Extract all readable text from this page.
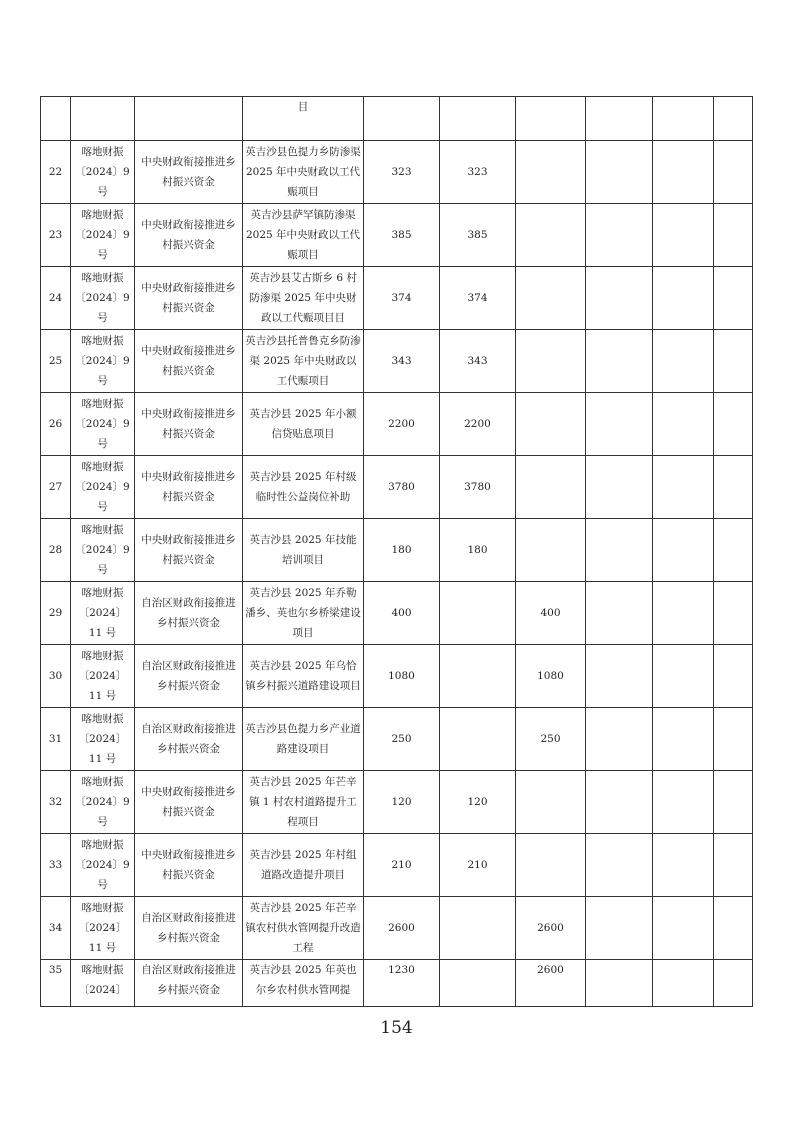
			目						
22	喀地财振〔2024〕9号	中央财政衔接推进乡村振兴资金	英吉沙县色提力乡防渗渠 2025 年中央财政以工代赈项目	323	323				
23	喀地财振〔2024〕9号	中央财政衔接推进乡村振兴资金	英吉沙县萨罕镇防渗渠 2025 年中央财政以工代赈项目	385	385				
24	喀地财振〔2024〕9号	中央财政衔接推进乡村振兴资金	英吉沙县艾古斯乡 6 村防渗渠 2025 年中央财政以工代赈项目目	374	374				
25	喀地财振〔2024〕9号	中央财政衔接推进乡村振兴资金	英吉沙县托普鲁克乡防渗渠 2025 年中央财政以工代赈项目	343	343				
26	喀地财振〔2024〕9号	中央财政衔接推进乡村振兴资金	英吉沙县 2025 年小额信贷贴息项目	2200	2200				
27	喀地财振〔2024〕9号	中央财政衔接推进乡村振兴资金	英吉沙县 2025 年村级临时性公益岗位补助	3780	3780				
28	喀地财振〔2024〕9号	中央财政衔接推进乡村振兴资金	英吉沙县 2025 年技能培训项目	180	180				
29	喀地财振〔2024〕11 号	自治区财政衔接推进乡村振兴资金	英吉沙县 2025 年乔勒潘乡、英也尔乡桥梁建设项目	400		400			
30	喀地财振〔2024〕11 号	自治区财政衔接推进乡村振兴资金	英吉沙县 2025 年乌恰镇乡村振兴道路建设项目	1080		1080			
31	喀地财振〔2024〕11 号	自治区财政衔接推进乡村振兴资金	英吉沙县色提力乡产业道路建设项目	250		250			
32	喀地财振〔2024〕9号	中央财政衔接推进乡村振兴资金	英吉沙县 2025 年芒辛镇 1 村农村道路提升工程项目	120	120				
33	喀地财振〔2024〕9号	中央财政衔接推进乡村振兴资金	英吉沙县 2025 年村组道路改造提升项目	210	210				
34	喀地财振〔2024〕11 号	自治区财政衔接推进乡村振兴资金	英吉沙县 2025 年芒辛镇农村供水管网提升改造工程	2600		2600			
35	喀地财振〔2024〕	自治区财政衔接推进乡村振兴资金	英吉沙县 2025 年英也尔乡农村供水管网提	1230		2600			
154
